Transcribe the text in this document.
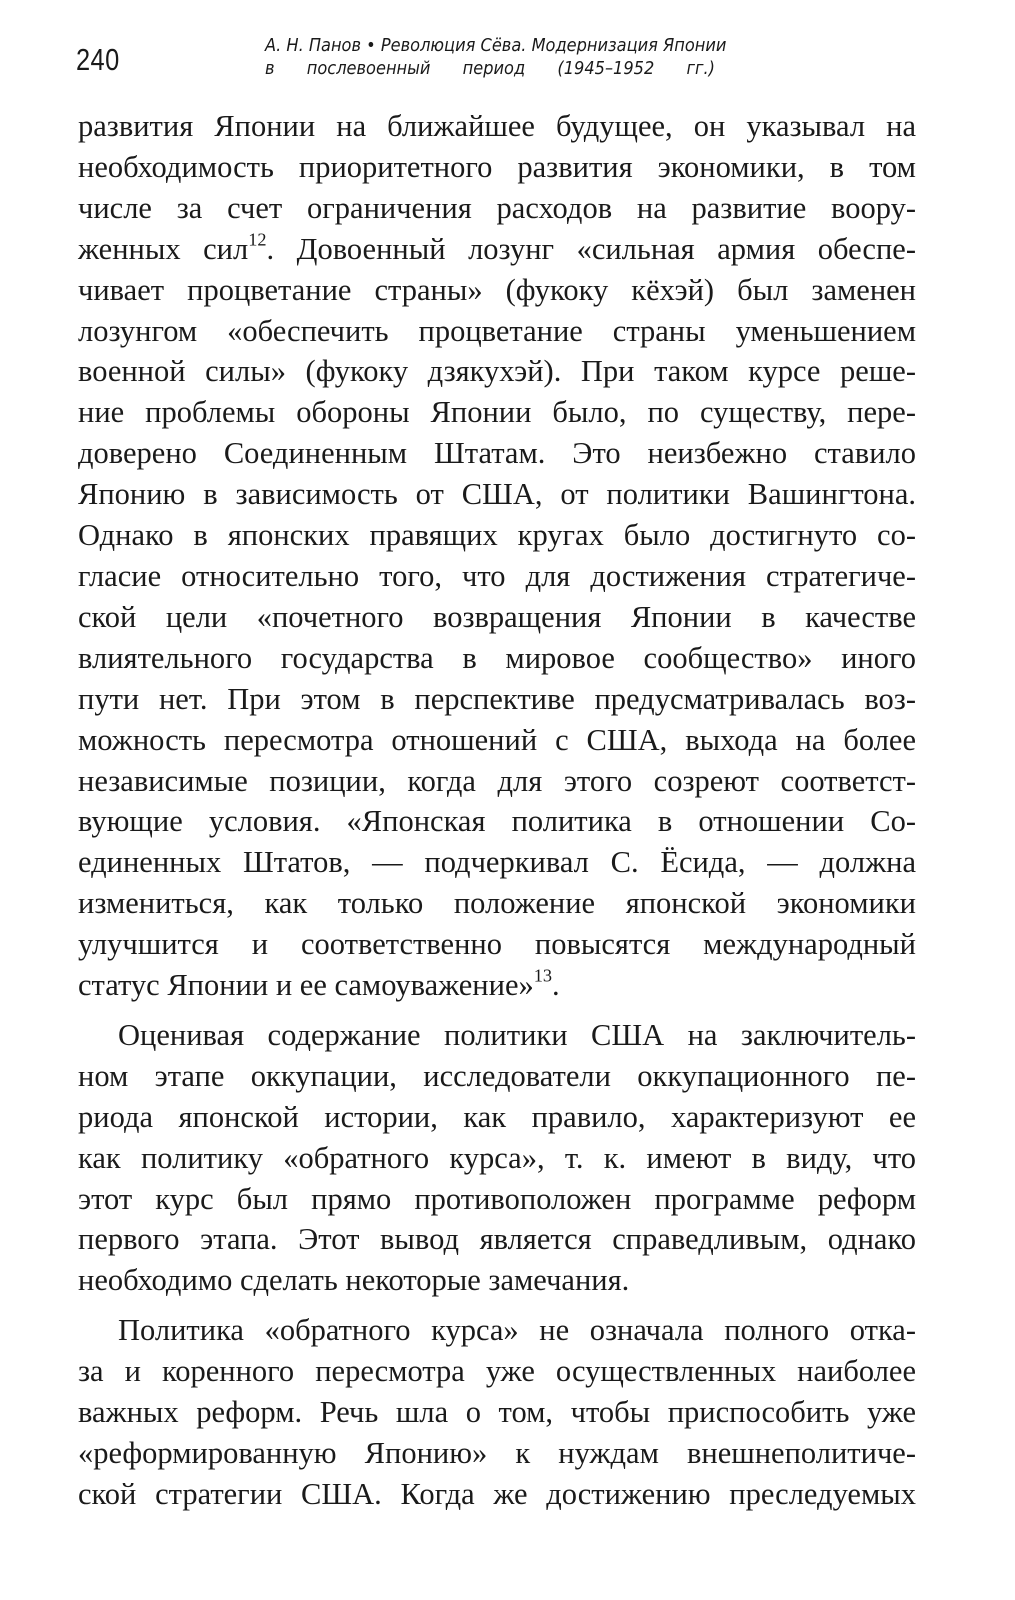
240	А. Н. Панов • Революция Сёва. Модернизация Японии
в послевоенный период (1945–1952 гг.)
развития Японии на ближайшее будущее, он указывал на
необходимость приоритетного развития экономики, в том
числе за счет ограничения расходов на развитие воору-
женных сил$^{12}$. Довоенный лозунг «сильная армия обеспе-
чивает процветание страны» (фукоку кёхэй) был заменен
лозунгом «обеспечить процветание страны уменьшением
военной силы» (фукоку дзякухэй). При таком курсе реше-
ние проблемы обороны Японии было, по существу, пере-
доверено Соединенным Штатам. Это неизбежно ставило
Японию в зависимость от США, от политики Вашингтона.
Однако в японских правящих кругах было достигнуто со-
гласие относительно того, что для достижения стратегиче-
ской цели «почетного возвращения Японии в качестве
влиятельного государства в мировое сообщество» иного
пути нет. При этом в перспективе предусматривалась воз-
можность пересмотра отношений с США, выхода на более
независимые позиции, когда для этого созреют соответст-
вующие условия. «Японская политика в отношении Со-
единенных Штатов, — подчеркивал С. Ёсида, — должна
измениться, как только положение японской экономики
улучшится и соответственно повысятся международный
статус Японии и ее самоуважение»$^{13}$.
Оценивая содержание политики США на заключитель-
ном этапе оккупации, исследователи оккупационного пе-
риода японской истории, как правило, характеризуют ее
как политику «обратного курса», т. к. имеют в виду, что
этот курс был прямо противоположен программе реформ
первого этапа. Этот вывод является справедливым, однако
необходимо сделать некоторые замечания.
Политика «обратного курса» не означала полного отка-
за и коренного пересмотра уже осуществленных наиболее
важных реформ. Речь шла о том, чтобы приспособить уже
«реформированную Японию» к нуждам внешнеполитиче-
ской стратегии США. Когда же достижению преследуемых
